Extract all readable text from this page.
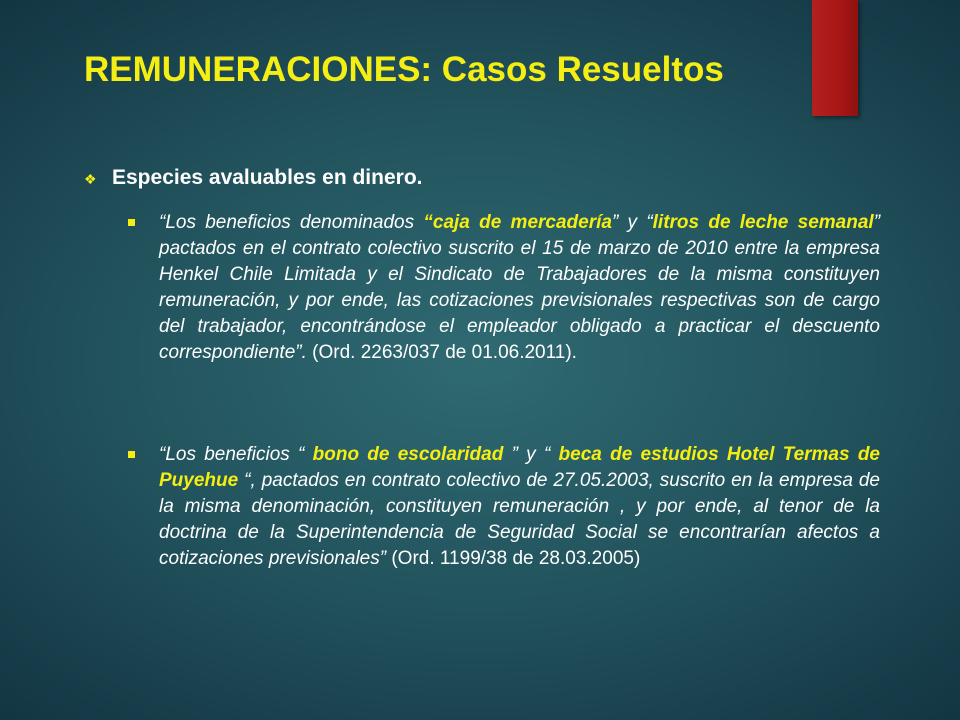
REMUNERACIONES: Casos Resueltos
❖ Especies avaluables en dinero.

“Los beneficios denominados “caja de mercadería” y “litros de leche semanal” pactados en el contrato colectivo suscrito el 15 de marzo de 2010 entre la empresa Henkel Chile Limitada y el Sindicato de Trabajadores de la misma constituyen remuneración, y por ende, las cotizaciones previsionales respectivas son de cargo del trabajador, encontrándose el empleador obligado a practicar el descuento correspondiente”. (Ord. 2263/037 de 01.06.2011).

“Los beneficios “ bono de escolaridad ” y “ beca de estudios Hotel Termas de Puyehue “, pactados en contrato colectivo de 27.05.2003, suscrito en la empresa de la misma denominación, constituyen remuneración , y por ende, al tenor de la doctrina de la Superintendencia de Seguridad Social se encontrarían afectos a cotizaciones previsionales” (Ord. 1199/38 de 28.03.2005)
